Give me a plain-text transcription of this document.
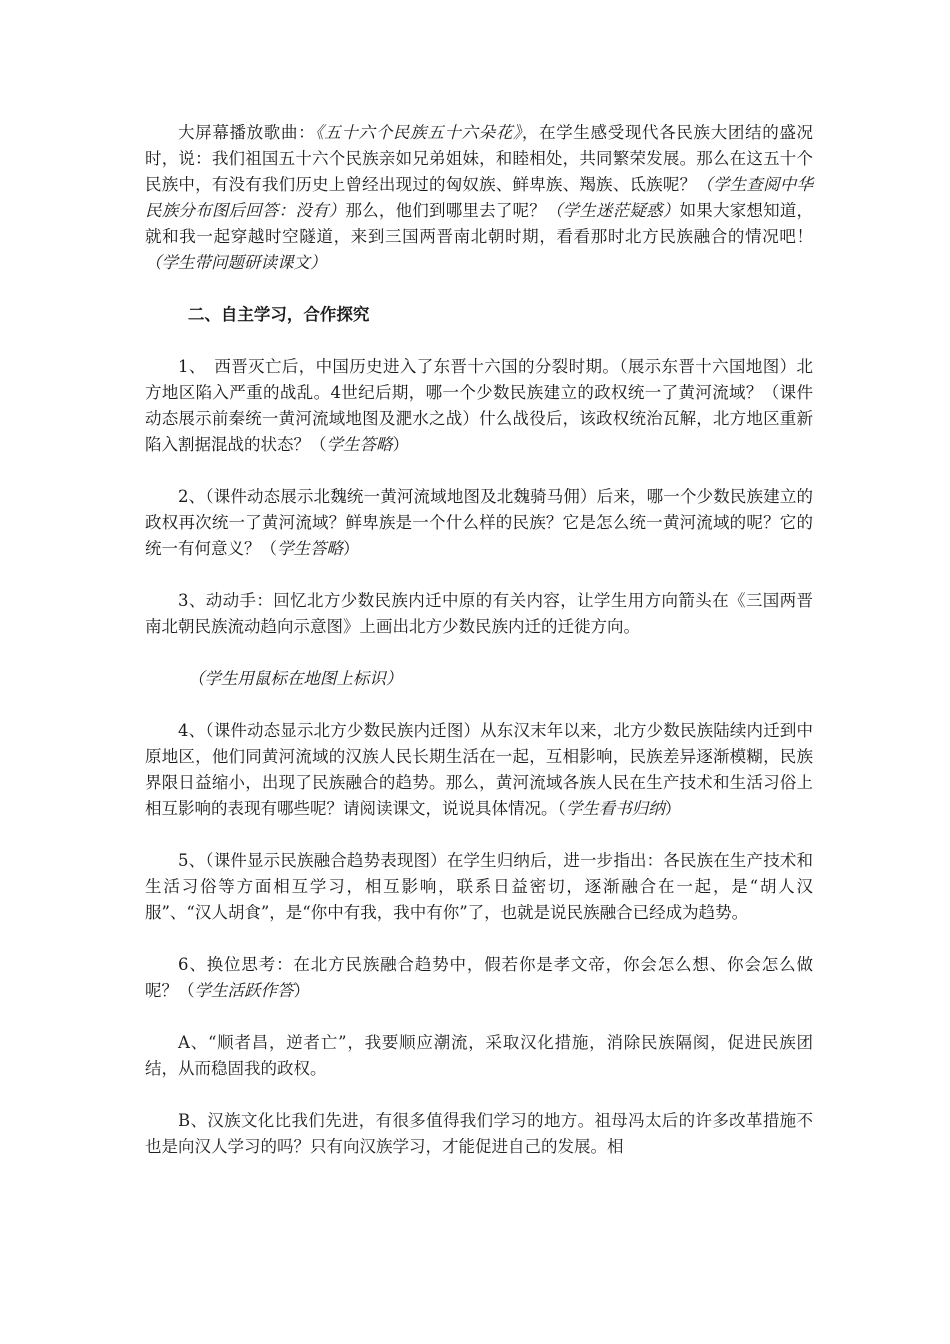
大屏幕播放歌曲：《五十六个民族五十六朵花》，在学生感受现代各民族大团结的盛况时，说：我们祖国五十六个民族亲如兄弟姐妹，和睦相处，共同繁荣发展。那么在这五十个民族中，有没有我们历史上曾经出现过的匈奴族、鲜卑族、羯族、氐族呢？（学生查阅中华民族分布图后回答：没有）那么，他们到哪里去了呢？（学生迷茫疑惑）如果大家想知道，就和我一起穿越时空隧道，来到三国两晋南北朝时期，看看那时北方民族融合的情况吧！（学生带问题研读课文）

二、自主学习，合作探究

1、　西晋灭亡后，中国历史进入了东晋十六国的分裂时期。（展示东晋十六国地图）北方地区陷入严重的战乱。4世纪后期，哪一个少数民族建立的政权统一了黄河流域？（课件动态展示前秦统一黄河流域地图及淝水之战）什么战役后，该政权统治瓦解，北方地区重新陷入割据混战的状态？（学生答略）

2、（课件动态展示北魏统一黄河流域地图及北魏骑马佣）后来，哪一个少数民族建立的政权再次统一了黄河流域？鲜卑族是一个什么样的民族？它是怎么统一黄河流域的呢？它的统一有何意义？（学生答略）

3、动动手：回忆北方少数民族内迁中原的有关内容，让学生用方向箭头在《三国两晋南北朝民族流动趋向示意图》上画出北方少数民族内迁的迁徙方向。

（学生用鼠标在地图上标识）

4、（课件动态显示北方少数民族内迁图）从东汉末年以来，北方少数民族陆续内迁到中原地区，他们同黄河流域的汉族人民长期生活在一起，互相影响，民族差异逐渐模糊，民族界限日益缩小，出现了民族融合的趋势。那么，黄河流域各族人民在生产技术和生活习俗上相互影响的表现有哪些呢？请阅读课文，说说具体情况。（学生看书归纳）

5、（课件显示民族融合趋势表现图）在学生归纳后，进一步指出：各民族在生产技术和生活习俗等方面相互学习，相互影响，联系日益密切，逐渐融合在一起，是“胡人汉服”、“汉人胡食”，是“你中有我，我中有你”了，也就是说民族融合已经成为趋势。

6、换位思考：在北方民族融合趋势中，假若你是孝文帝，你会怎么想、你会怎么做呢？（学生活跃作答）

A、“顺者昌，逆者亡”，我要顺应潮流，采取汉化措施，消除民族隔阂，促进民族团结，从而稳固我的政权。

B、汉族文化比我们先进，有很多值得我们学习的地方。祖母冯太后的许多改革措施不也是向汉人学习的吗？只有向汉族学习，才能促进自己的发展。相
